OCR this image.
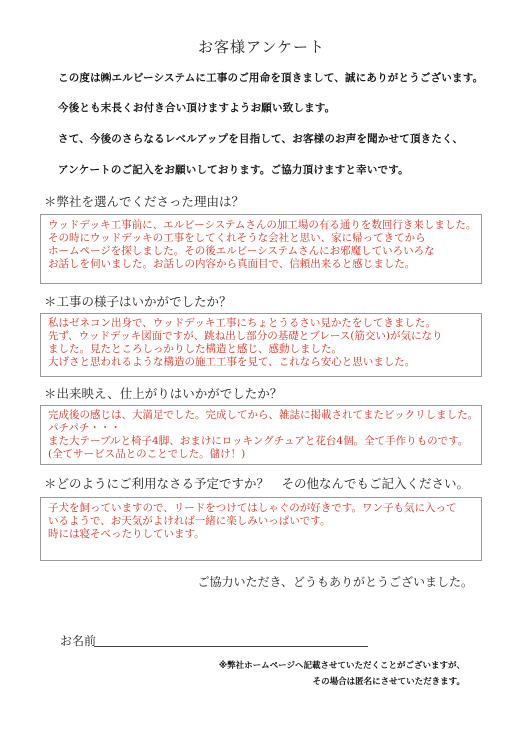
お客様アンケート
この度は㈱エルビーシステムに工事のご用命を頂きまして、誠にありがとうございます。
今後とも末長くお付き合い頂けますようお願い致します。
さて、今後のさらなるレベルアップを目指して、お客様のお声を聞かせて頂きたく、
アンケートのご記入をお願いしております。ご協力頂けますと幸いです。
＊弊社を選んでくださった理由は？
ウッドデッキ工事前に、エルビーシステムさんの加工場の有る通りを数回行き来しました。
その時にウッドデッキの工事をしてくれそうな会社と思い、家に帰ってきてから
ホームページを探しました。その後エルビーシステムさんにお邪魔していろいろな
お話しを伺いました。お話しの内容から真面目で、信頼出来ると感じました。
＊工事の様子はいかがでしたか？
私はゼネコン出身で、ウッドデッキ工事にちょとうるさい見かたをしてきました。
先ず、ウッドデッキ図面ですが、跳ね出し部分の基礎とブレース(筋交い)が気になり
ました。見たところしっかりした構造と感じ、感動しました。
大げさと思われるような構造の施工工事を見て、これなら安心と思いました。
＊出来映え、仕上がりはいかがでしたか？
完成後の感じは、大満足でした。完成してから、雑誌に掲載されてまたビックリしました。
パチパチ・・・
また大テーブルと椅子4脚、おまけにロッキングチュアと花台4個。全て手作りものです。
(全てサービス品とのことでした。儲け！)
＊どのようにご利用なさる予定ですか？　その他なんでもご記入ください。
子犬を飼っていますので、リードをつけてはしゃぐのが好きです。ワン子も気に入って
いるようで、お天気がよければ一緒に楽しみいっぱいです。
時には寝そべったりしています。
ご協力いただき、どうもありがとうございました。
お名前
※弊社ホームページへ記載させていただくことがございますが、
その場合は匿名にさせていただきます。
